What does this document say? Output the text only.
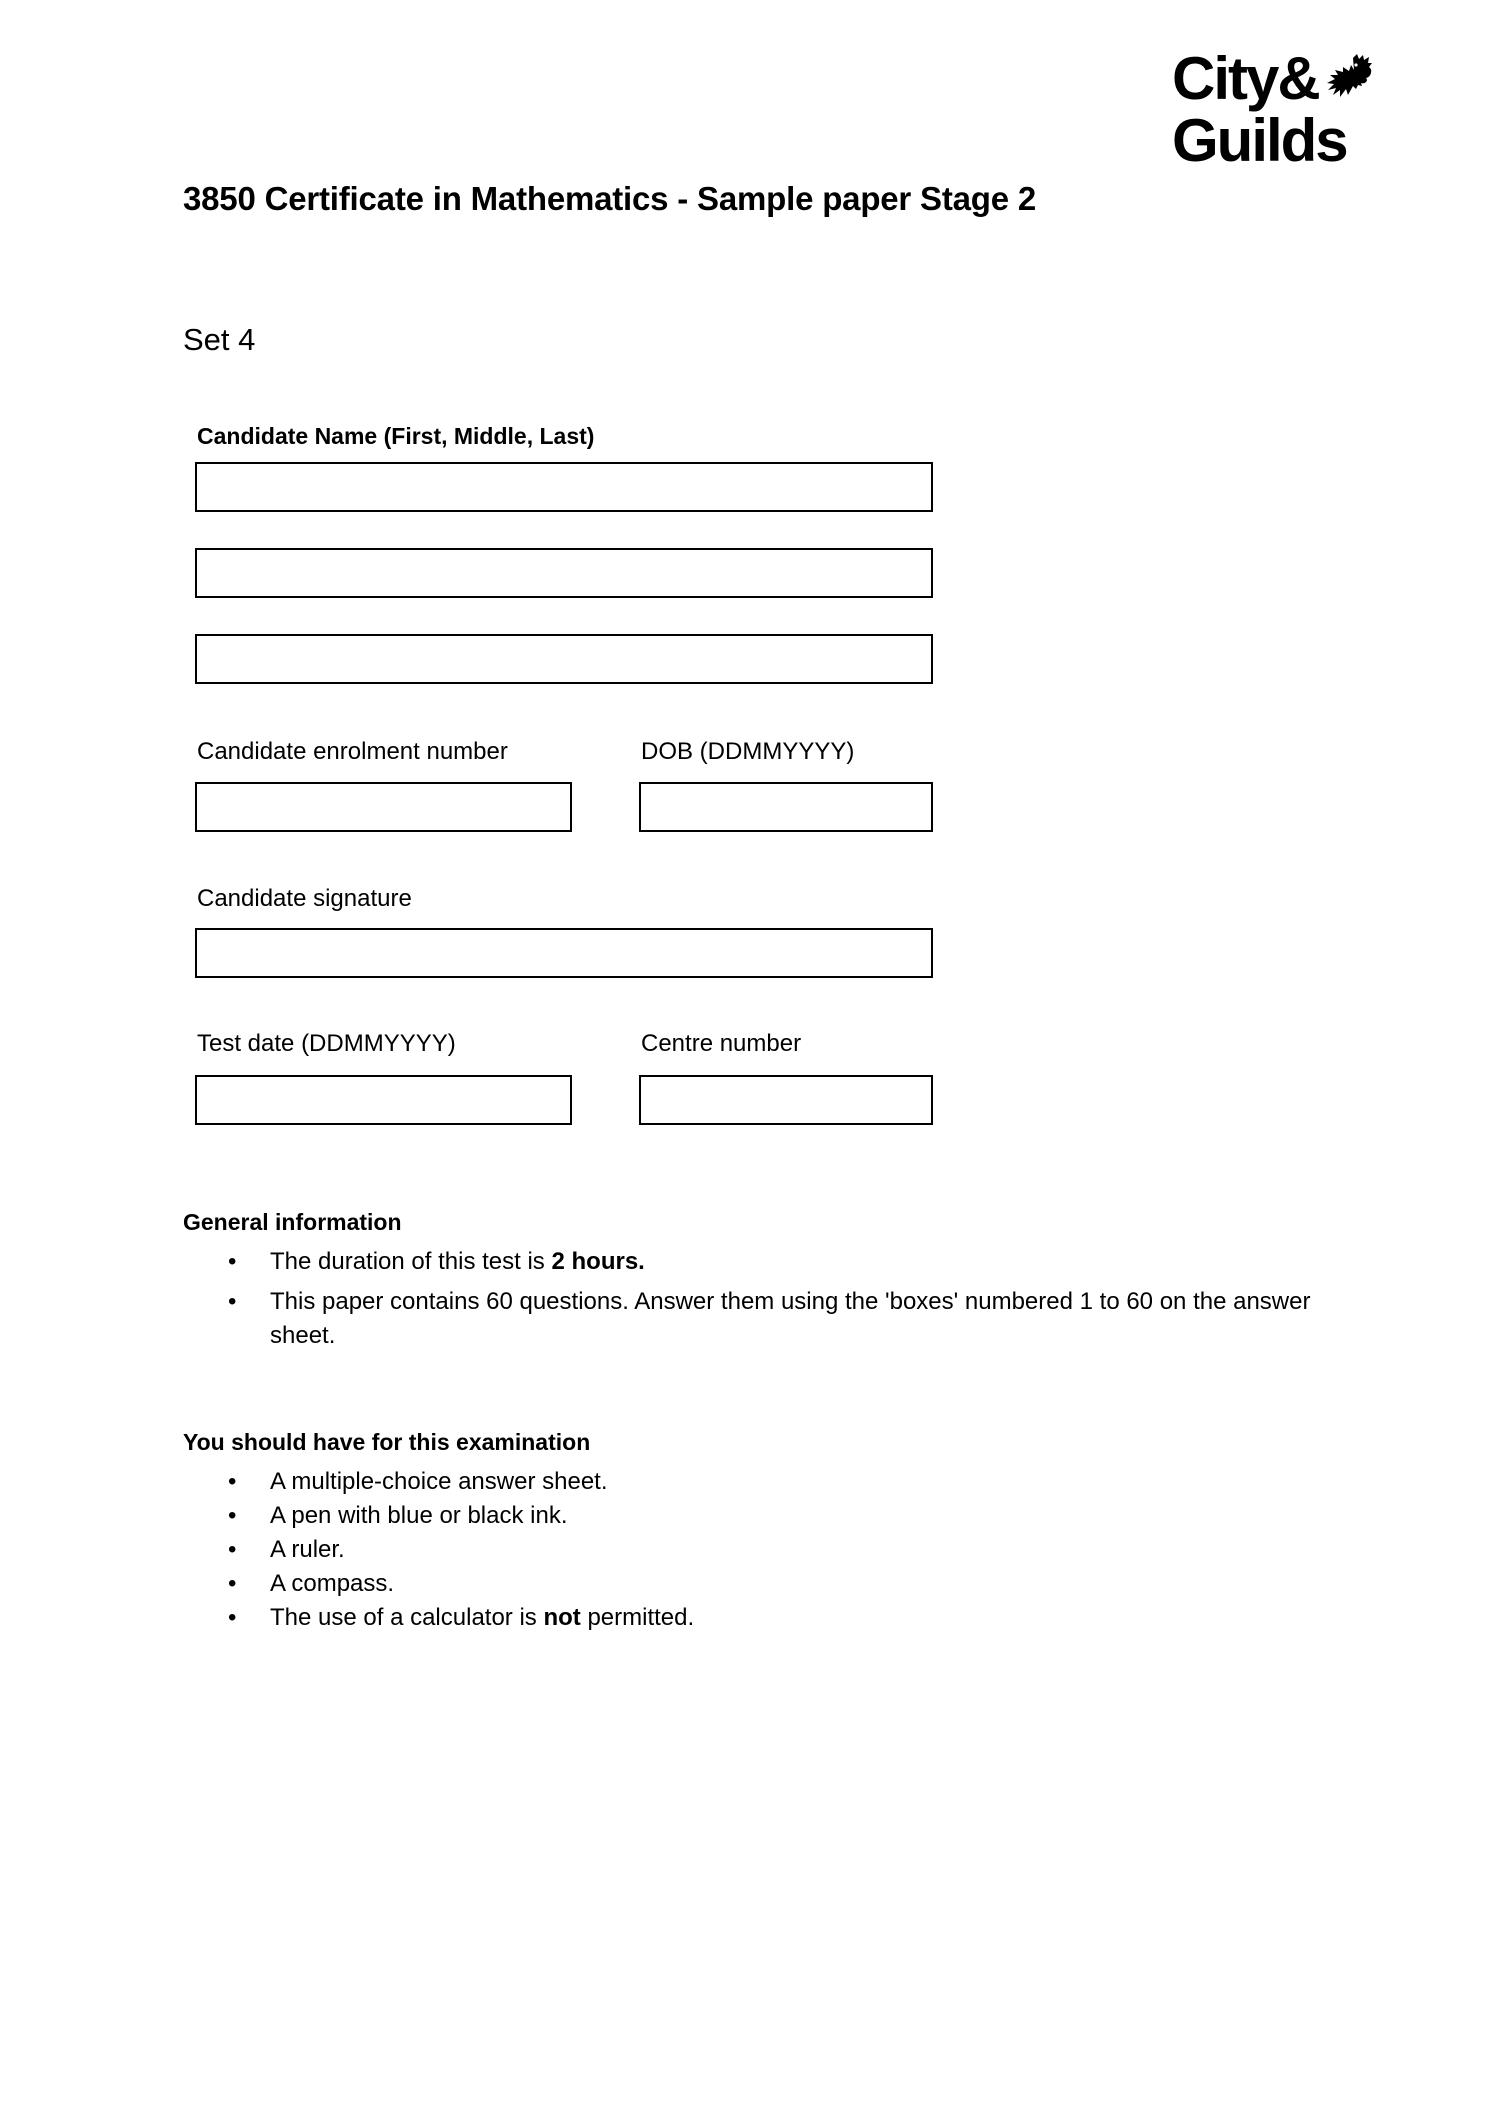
City&
Guilds
3850 Certificate in Mathematics - Sample paper Stage 2
Set 4
Candidate Name (First, Middle, Last)
Candidate enrolment number	DOB (DDMMYYYY)
Candidate signature
Test date (DDMMYYYY)	Centre number
General information
• The duration of this test is 2 hours.
• This paper contains 60 questions. Answer them using the 'boxes' numbered 1 to 60 on the answer sheet.
You should have for this examination
• A multiple-choice answer sheet.
• A pen with blue or black ink.
• A ruler.
• A compass.
• The use of a calculator is not permitted.
